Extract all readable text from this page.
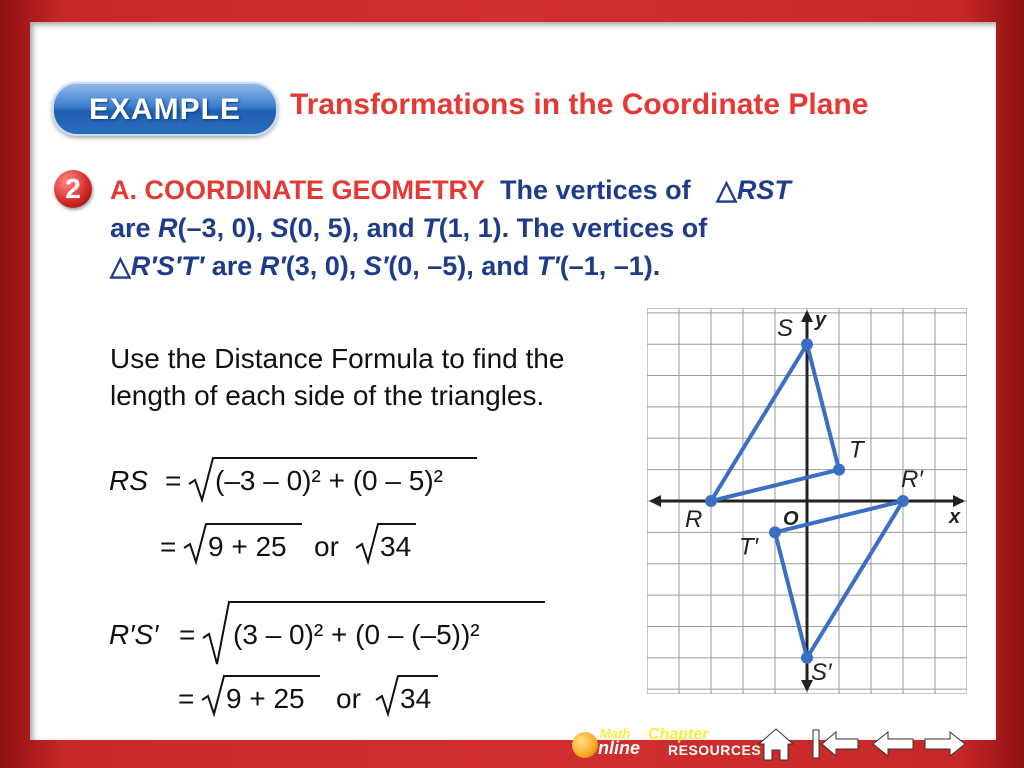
EXAMPLE	Transformations in the Coordinate Plane
2	A. COORDINATE GEOMETRY The vertices of △RST
are R(–3, 0), S(0, 5), and T(1, 1). The vertices of
△R′S′T′ are R′(3, 0), S′(0, –5), and T′(–1, –1).
Use the Distance Formula to find the length of each side of the triangles.
RS = (–3 – 0)² + (0 – 5)²
= 9 + 25 or 34
R′S′ = (3 – 0)² + (0 – (–5))²
= 9 + 25 or 34
x
y
O
R
S
T
R′
S′
T′
Math
nline
Chapter
RESOURCES
